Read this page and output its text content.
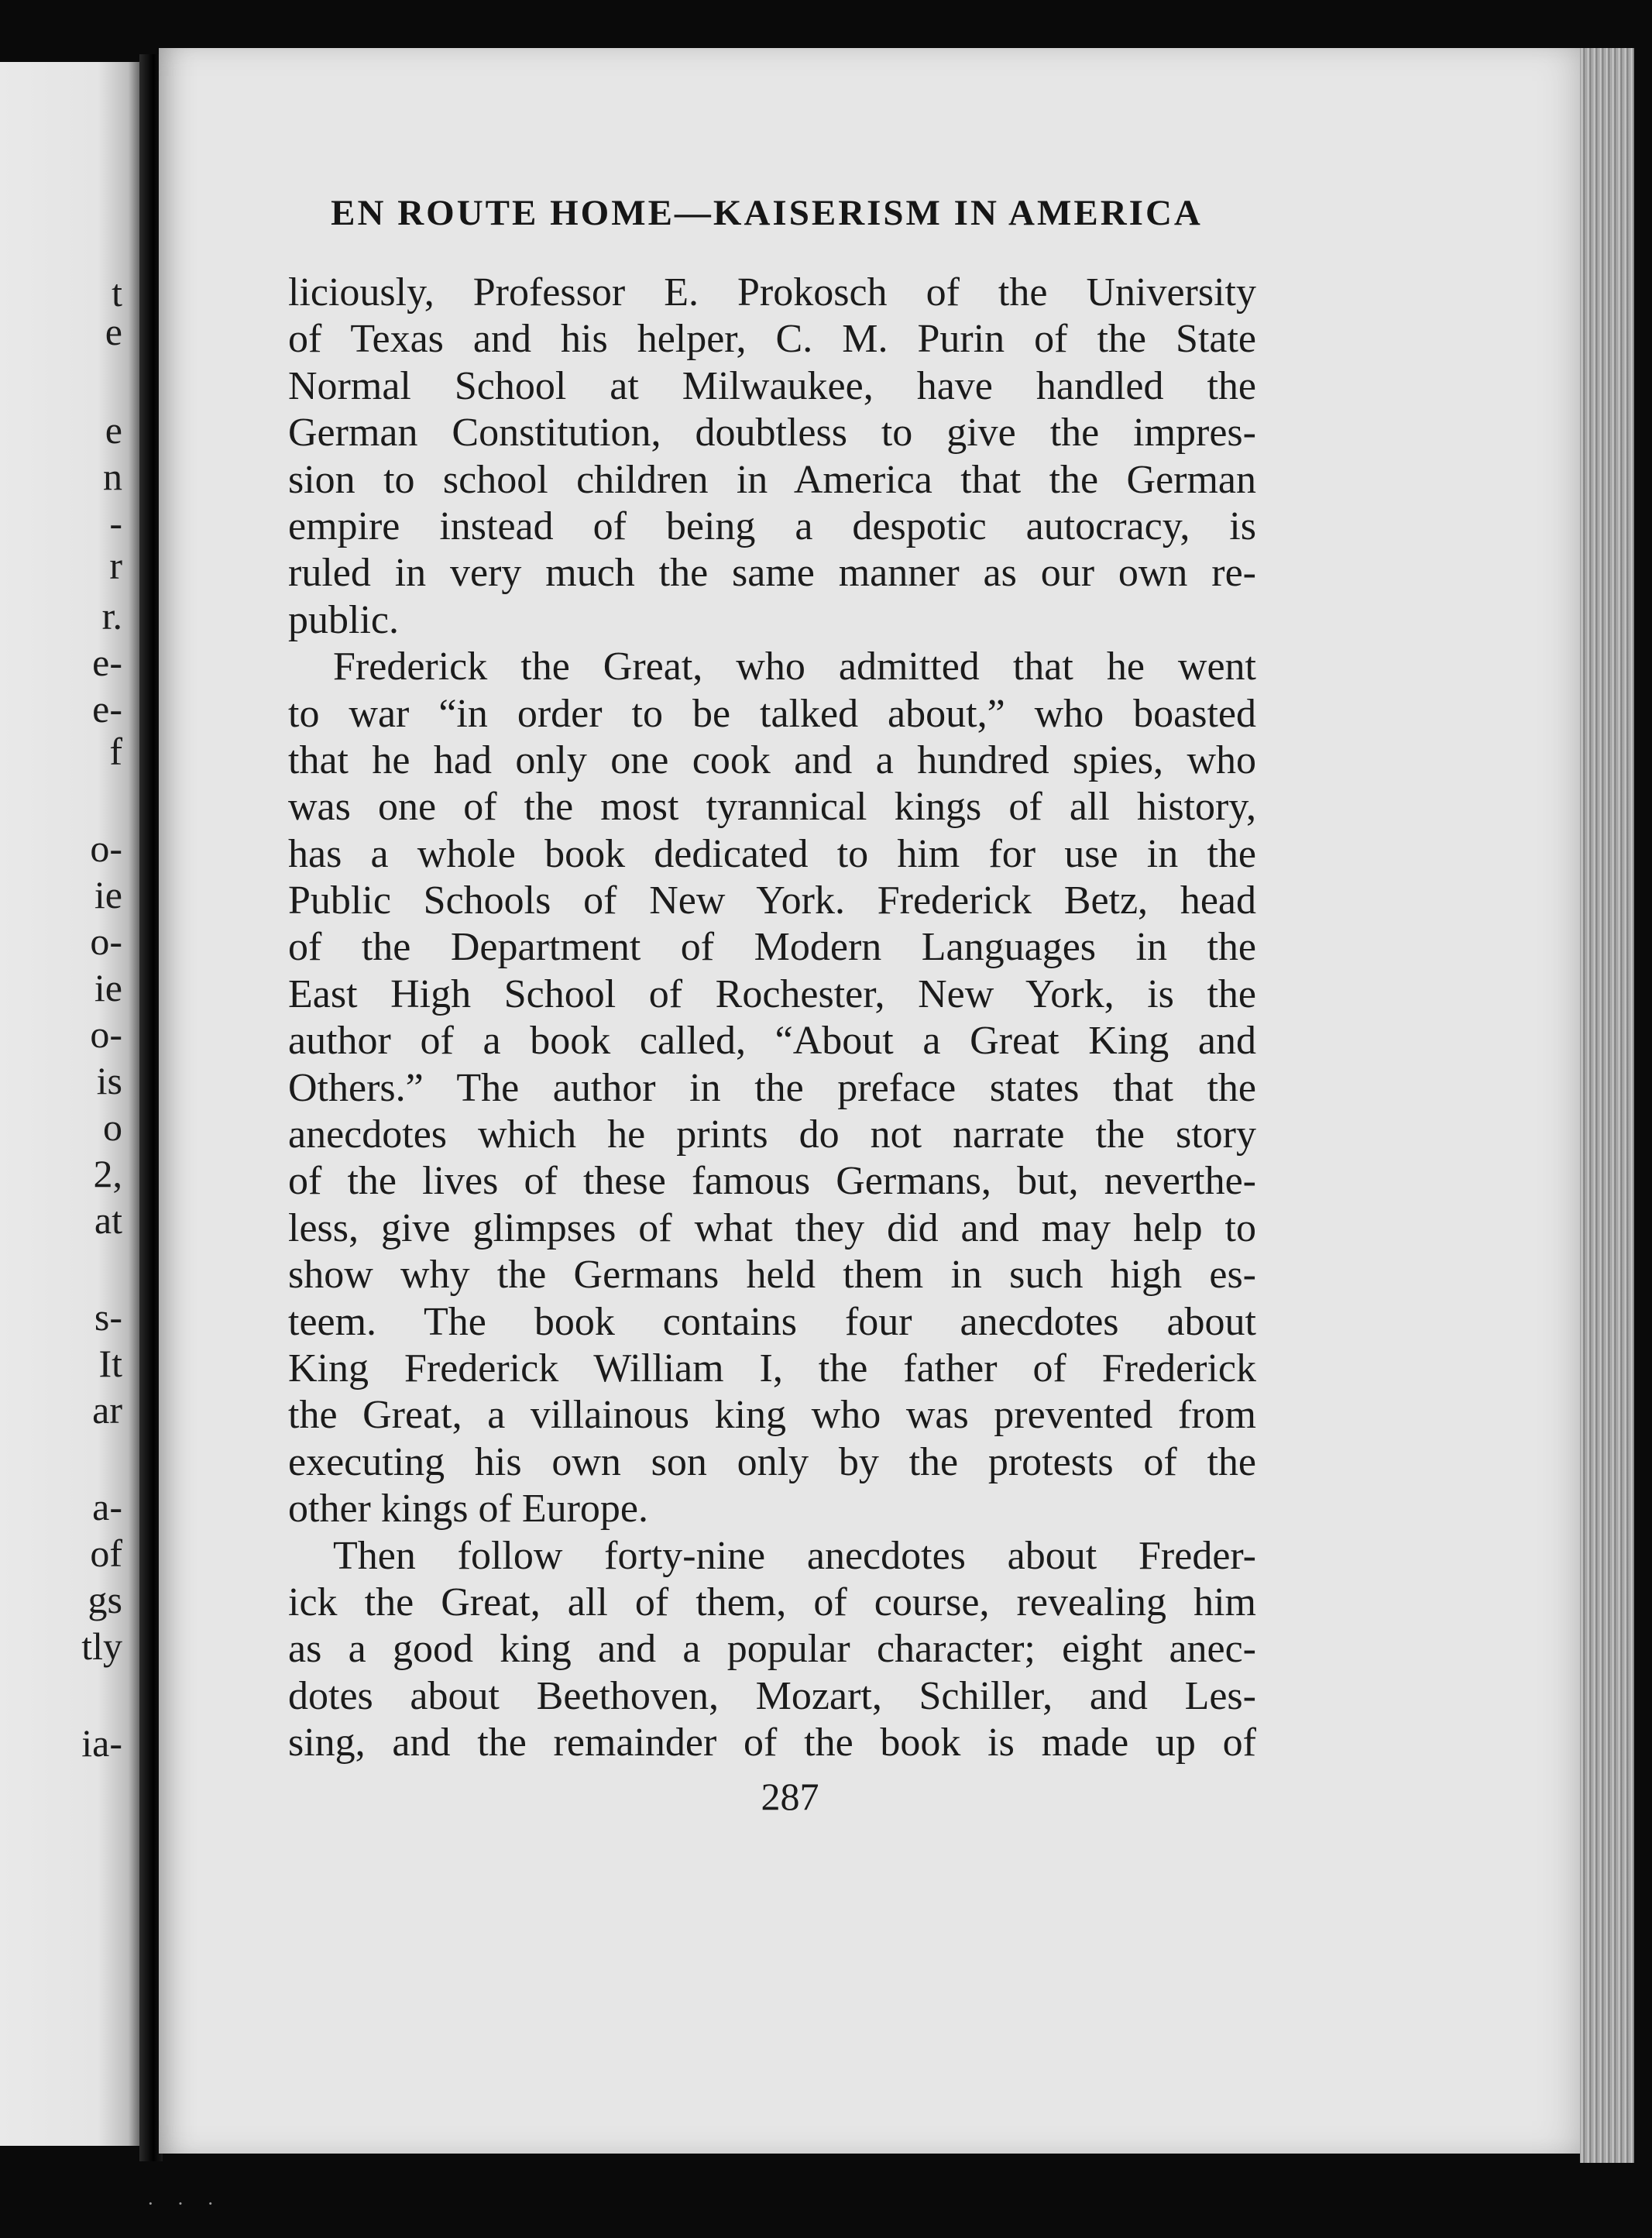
t
e
e
n
-
r
r.
e-
e-
f
o-
ie
o-
ie
o-
is
o
2,
at
s-
It
ar
a-
of
gs
tly
ia-
EN ROUTE HOME—KAISERISM IN AMERICA
liciously, Professor E. Prokosch of the University
of Texas and his helper, C. M. Purin of the State
Normal School at Milwaukee, have handled the
German Constitution, doubtless to give the impres-
sion to school children in America that the German
empire instead of being a despotic autocracy, is
ruled in very much the same manner as our own re-
public.
Frederick the Great, who admitted that he went
to war “in order to be talked about,” who boasted
that he had only one cook and a hundred spies, who
was one of the most tyrannical kings of all history,
has a whole book dedicated to him for use in the
Public Schools of New York. Frederick Betz, head
of the Department of Modern Languages in the
East High School of Rochester, New York, is the
author of a book called, “About a Great King and
Others.” The author in the preface states that the
anecdotes which he prints do not narrate the story
of the lives of these famous Germans, but, neverthe-
less, give glimpses of what they did and may help to
show why the Germans held them in such high es-
teem. The book contains four anecdotes about
King Frederick William I, the father of Frederick
the Great, a villainous king who was prevented from
executing his own son only by the protests of the
other kings of Europe.
Then follow forty-nine anecdotes about Freder-
ick the Great, all of them, of course, revealing him
as a good king and a popular character; eight anec-
dotes about Beethoven, Mozart, Schiller, and Les-
sing, and the remainder of the book is made up of
287
···
